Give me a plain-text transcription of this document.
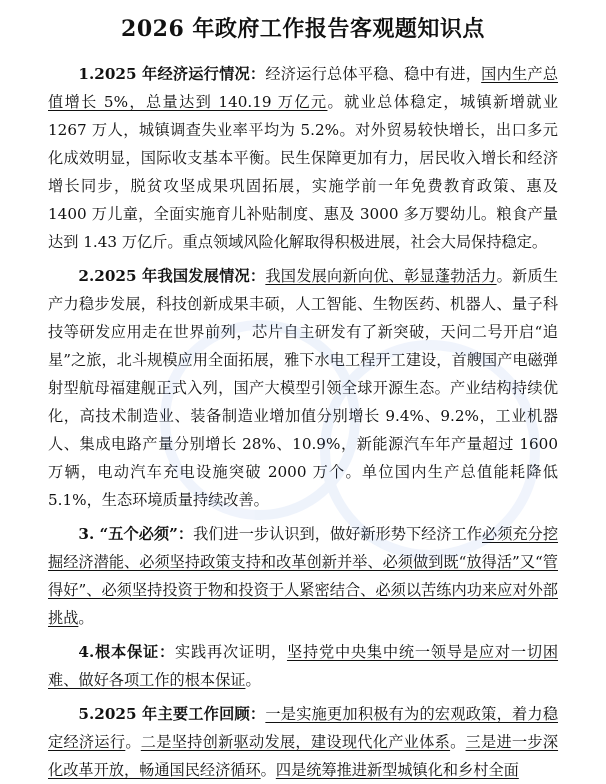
2026 年政府工作报告客观题知识点

1.2025 年经济运行情况：经济运行总体平稳、稳中有进，国内生产总值增长 5%，总量达到 140.19 万亿元。就业总体稳定，城镇新增就业 1267 万人，城镇调查失业率平均为 5.2%。对外贸易较快增长，出口多元化成效明显，国际收支基本平衡。民生保障更加有力，居民收入增长和经济增长同步，脱贫攻坚成果巩固拓展，实施学前一年免费教育政策、惠及 1400 万儿童，全面实施育儿补贴制度、惠及 3000 多万婴幼儿。粮食产量达到 1.43 万亿斤。重点领域风险化解取得积极进展，社会大局保持稳定。

2.2025 年我国发展情况：我国发展向新向优、彰显蓬勃活力。新质生产力稳步发展，科技创新成果丰硕，人工智能、生物医药、机器人、量子科技等研发应用走在世界前列，芯片自主研发有了新突破，天问二号开启“追星”之旅，北斗规模应用全面拓展，雅下水电工程开工建设，首艘国产电磁弹射型航母福建舰正式入列，国产大模型引领全球开源生态。产业结构持续优化，高技术制造业、装备制造业增加值分别增长 9.4%、9.2%，工业机器人、集成电路产量分别增长 28%、10.9%，新能源汽车年产量超过 1600 万辆，电动汽车充电设施突破 2000 万个。单位国内生产总值能耗降低 5.1%，生态环境质量持续改善。

3. “五个必须”：我们进一步认识到，做好新形势下经济工作必须充分挖掘经济潜能、必须坚持政策支持和改革创新并举、必须做到既“放得活”又“管得好”、必须坚持投资于物和投资于人紧密结合、必须以苦练内功来应对外部挑战。

4.根本保证：实践再次证明，坚持党中央集中统一领导是应对一切困难、做好各项工作的根本保证。

5.2025 年主要工作回顾：一是实施更加积极有为的宏观政策，着力稳定经济运行。二是坚持创新驱动发展，建设现代化产业体系。三是进一步深化改革开放，畅通国民经济循环。四是统筹推进新型城镇化和乡村全面
